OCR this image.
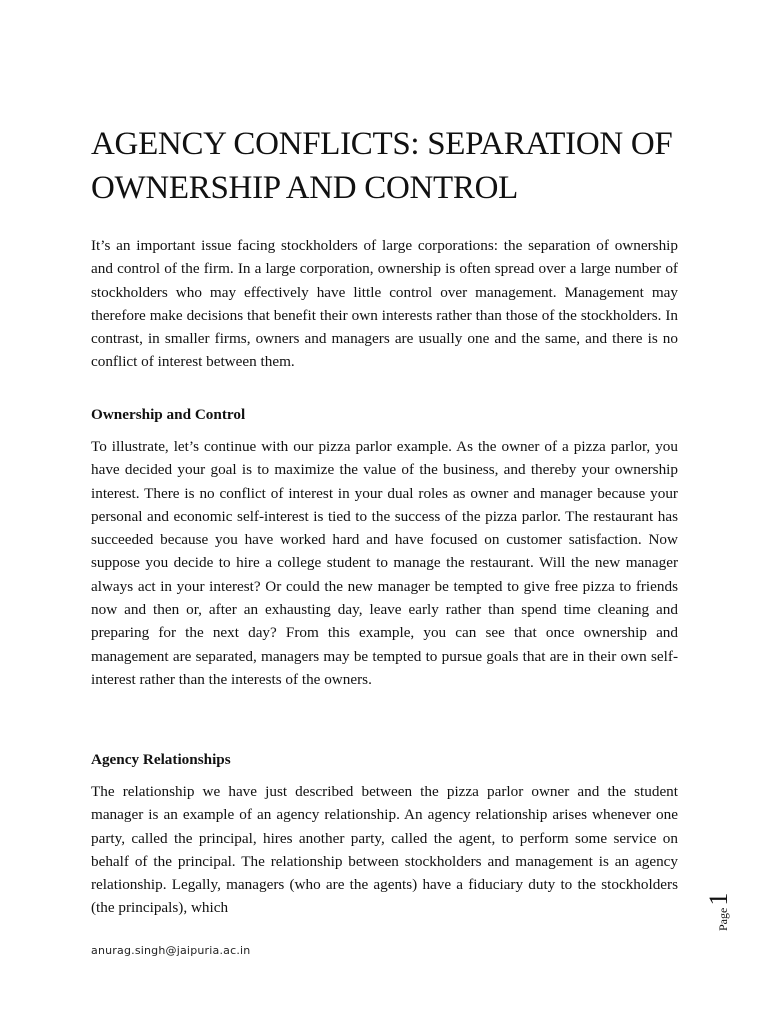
AGENCY CONFLICTS: SEPARATION OF OWNERSHIP AND CONTROL

It’s an important issue facing stockholders of large corporations: the separation of ownership and control of the firm. In a large corporation, ownership is often spread over a large number of stockholders who may effectively have little control over management. Management may therefore make decisions that benefit their own interests rather than those of the stockholders. In contrast, in smaller firms, owners and managers are usually one and the same, and there is no conflict of interest between them.

Ownership and Control

To illustrate, let’s continue with our pizza parlor example. As the owner of a pizza parlor, you have decided your goal is to maximize the value of the business, and thereby your ownership interest. There is no conflict of interest in your dual roles as owner and manager because your personal and economic self-interest is tied to the success of the pizza parlor. The restaurant has succeeded because you have worked hard and have focused on customer satisfaction. Now suppose you decide to hire a college student to manage the restaurant. Will the new manager always act in your interest? Or could the new manager be tempted to give free pizza to friends now and then or, after an exhausting day, leave early rather than spend time cleaning and preparing for the next day? From this example, you can see that once ownership and management are separated, managers may be tempted to pursue goals that are in their own self-interest rather than the interests of the owners.

Agency Relationships

The relationship we have just described between the pizza parlor owner and the student manager is an example of an agency relationship. An agency relationship arises whenever one party, called the principal, hires another party, called the agent, to perform some service on behalf of the principal. The relationship between stockholders and management is an agency relationship. Legally, managers (who are the agents) have a fiduciary duty to the stockholders (the principals), which

anurag.singh@jaipuria.ac.in
Page1
